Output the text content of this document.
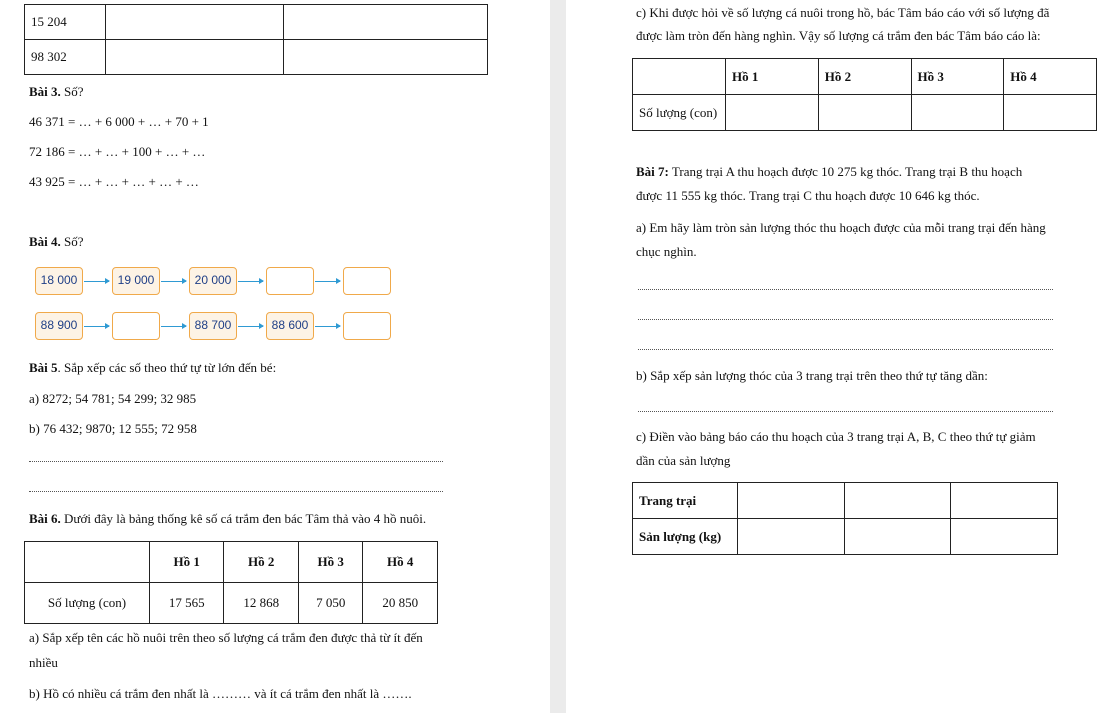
15 204		
98 302		
Bài 3. Số?
46 371 = … + 6 000 + … + 70 + 1
72 186 = … + … + 100 + … + …
43 925 = … + … + … + … + …
Bài 4. Số?
18 000	19 000	20 000
88 900	88 700	88 600
Bài 5. Sắp xếp các số theo thứ tự từ lớn đến bé:
a) 8272; 54 781; 54 299; 32 985
b) 76 432; 9870; 12 555; 72 958
Bài 6. Dưới đây là bảng thống kê số cá trắm đen bác Tâm thả vào 4 hồ nuôi.
	Hồ 1	Hồ 2	Hồ 3	Hồ 4
Số lượng (con)	17 565	12 868	7 050	20 850
a) Sắp xếp tên các hồ nuôi trên theo số lượng cá trắm đen được thả từ ít đến
nhiều
b) Hồ có nhiều cá trắm đen nhất là ……… và ít cá trắm đen nhất là …….
c) Khi được hỏi về số lượng cá nuôi trong hồ, bác Tâm báo cáo với số lượng đã
được làm tròn đến hàng nghìn. Vậy số lượng cá trắm đen bác Tâm báo cáo là:
	Hồ 1	Hồ 2	Hồ 3	Hồ 4
Số lượng (con)				
Bài 7: Trang trại A thu hoạch được 10 275 kg thóc. Trang trại B thu hoạch
được 11 555 kg thóc. Trang trại C thu hoạch được 10 646 kg thóc.
a) Em hãy làm tròn sản lượng thóc thu hoạch được của mỗi trang trại đến hàng
chục nghìn.
b) Sắp xếp sản lượng thóc của 3 trang trại trên theo thứ tự tăng dần:
c) Điền vào bảng báo cáo thu hoạch của 3 trang trại A, B, C theo thứ tự giảm
dần của sản lượng
Trang trại			
Sản lượng (kg)			
